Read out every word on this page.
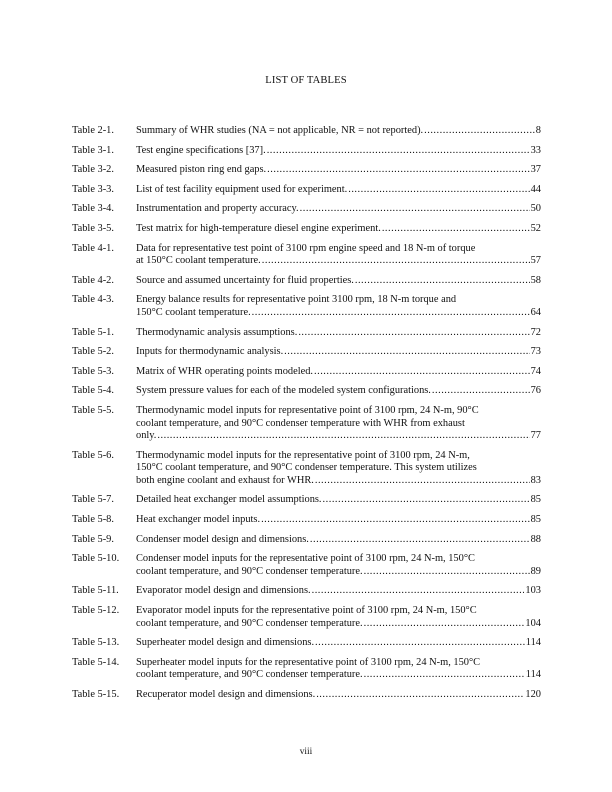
LIST OF TABLES
Table 2-1.	Summary of WHR studies (NA = not applicable, NR = not reported). .....	8
Table 3-1.	Test engine specifications [37]. .....	33
Table 3-2.	Measured piston ring end gaps. .....	37
Table 3-3.	List of test facility equipment used for experiment. .....	44
Table 3-4.	Instrumentation and property accuracy. .....	50
Table 3-5.	Test matrix for high-temperature diesel engine experiment. .....	52
Table 4-1.	Data for representative test point of 3100 rpm engine speed and 18 N-m of torque
at 150°C coolant temperature. .....	57
Table 4-2.	Source and assumed uncertainty for fluid properties. .....	58
Table 4-3.	Energy balance results for representative point 3100 rpm, 18 N-m torque and
150°C coolant temperature. .....	64
Table 5-1.	Thermodynamic analysis assumptions. .....	72
Table 5-2.	Inputs for thermodynamic analysis. .....	73
Table 5-3.	Matrix of WHR operating points modeled. .....	74
Table 5-4.	System pressure values for each of the modeled system configurations. .....	76
Table 5-5.	Thermodynamic model inputs for representative point of 3100 rpm, 24 N-m, 90°C
coolant temperature, and 90°C condenser temperature with WHR from exhaust
only. .....	77
Table 5-6.	Thermodynamic model inputs for the representative point of 3100 rpm, 24 N-m,
150°C coolant temperature, and 90°C condenser temperature. This system utilizes
both engine coolant and exhaust for WHR. .....	83
Table 5-7.	Detailed heat exchanger model assumptions. .....	85
Table 5-8.	Heat exchanger model inputs. .....	85
Table 5-9.	Condenser model design and dimensions. .....	88
Table 5-10.	Condenser model inputs for the representative point of 3100 rpm, 24 N-m, 150°C
coolant temperature, and 90°C condenser temperature. .....	89
Table 5-11.	Evaporator model design and dimensions. .....	103
Table 5-12.	Evaporator model inputs for the representative point of 3100 rpm, 24 N-m, 150°C
coolant temperature, and 90°C condenser temperature. .....	104
Table 5-13.	Superheater model design and dimensions. .....	114
Table 5-14.	Superheater model inputs for the representative point of 3100 rpm, 24 N-m, 150°C
coolant temperature, and 90°C condenser temperature. .....	114
Table 5-15.	Recuperator model design and dimensions. .....	120
viii
